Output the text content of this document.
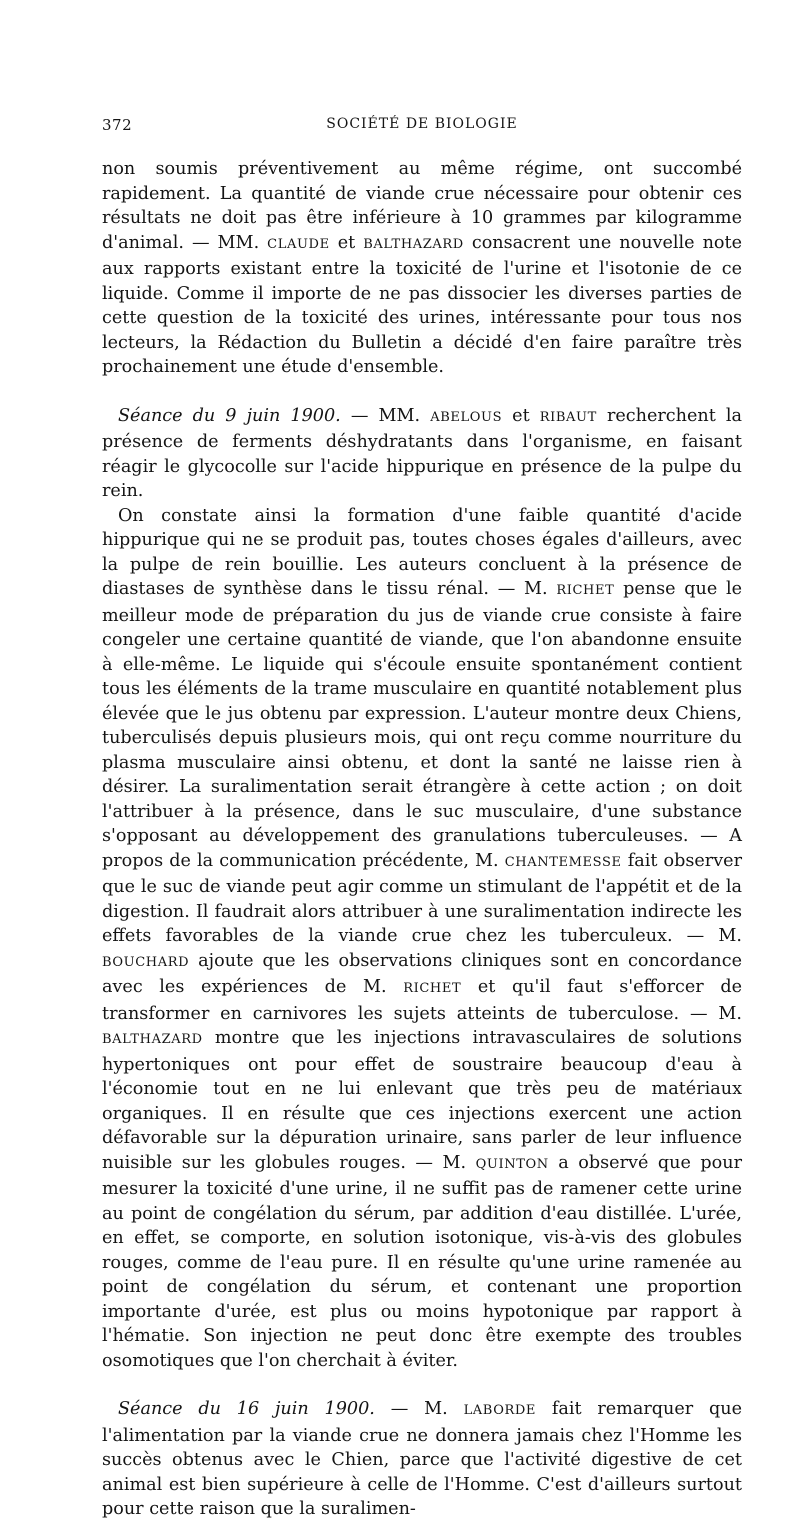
372	SOCIÉTÉ DE BIOLOGIE

non soumis préventivement au même régime, ont succombé rapidement. La quantité de viande crue nécessaire pour obtenir ces résultats ne doit pas être inférieure à 10 grammes par kilogramme d'animal. — MM. CLAUDE et BALTHAZARD consacrent une nouvelle note aux rapports existant entre la toxicité de l'urine et l'isotonie de ce liquide. Comme il importe de ne pas dissocier les diverses parties de cette question de la toxicité des urines, intéressante pour tous nos lecteurs, la Rédaction du Bulletin a décidé d'en faire paraître très prochainement une étude d'ensemble.

Séance du 9 juin 1900. — MM. ABELOUS et RIBAUT recherchent la présence de ferments déshydratants dans l'organisme, en faisant réagir le glycocolle sur l'acide hippurique en présence de la pulpe du rein.

On constate ainsi la formation d'une faible quantité d'acide hippurique qui ne se produit pas, toutes choses égales d'ailleurs, avec la pulpe de rein bouillie. Les auteurs concluent à la présence de diastases de synthèse dans le tissu rénal. — M. RICHET pense que le meilleur mode de préparation du jus de viande crue consiste à faire congeler une certaine quantité de viande, que l'on abandonne ensuite à elle-même. Le liquide qui s'écoule ensuite spontanément contient tous les éléments de la trame musculaire en quantité notablement plus élevée que le jus obtenu par expression. L'auteur montre deux Chiens, tuberculisés depuis plusieurs mois, qui ont reçu comme nourriture du plasma musculaire ainsi obtenu, et dont la santé ne laisse rien à désirer. La suralimentation serait étrangère à cette action ; on doit l'attribuer à la présence, dans le suc musculaire, d'une substance s'opposant au développement des granulations tuberculeuses. — A propos de la communication précédente, M. CHANTEMESSE fait observer que le suc de viande peut agir comme un stimulant de l'appétit et de la digestion. Il faudrait alors attribuer à une suralimentation indirecte les effets favorables de la viande crue chez les tuberculeux. — M. BOUCHARD ajoute que les observations cliniques sont en concordance avec les expériences de M. RICHET et qu'il faut s'efforcer de transformer en carnivores les sujets atteints de tuberculose. — M. BALTHAZARD montre que les injections intravasculaires de solutions hypertoniques ont pour effet de soustraire beaucoup d'eau à l'économie tout en ne lui enlevant que très peu de matériaux organiques. Il en résulte que ces injections exercent une action défavorable sur la dépuration urinaire, sans parler de leur influence nuisible sur les globules rouges. — M. QUINTON a observé que pour mesurer la toxicité d'une urine, il ne suffit pas de ramener cette urine au point de congélation du sérum, par addition d'eau distillée. L'urée, en effet, se comporte, en solution isotonique, vis-à-vis des globules rouges, comme de l'eau pure. Il en résulte qu'une urine ramenée au point de congélation du sérum, et contenant une proportion importante d'urée, est plus ou moins hypotonique par rapport à l'hématie. Son injection ne peut donc être exempte des troubles osomotiques que l'on cherchait à éviter.

Séance du 16 juin 1900. — M. LABORDE fait remarquer que l'alimentation par la viande crue ne donnera jamais chez l'Homme les succès obtenus avec le Chien, parce que l'activité digestive de cet animal est bien supérieure à celle de l'Homme. C'est d'ailleurs surtout pour cette raison que la suralimen-
